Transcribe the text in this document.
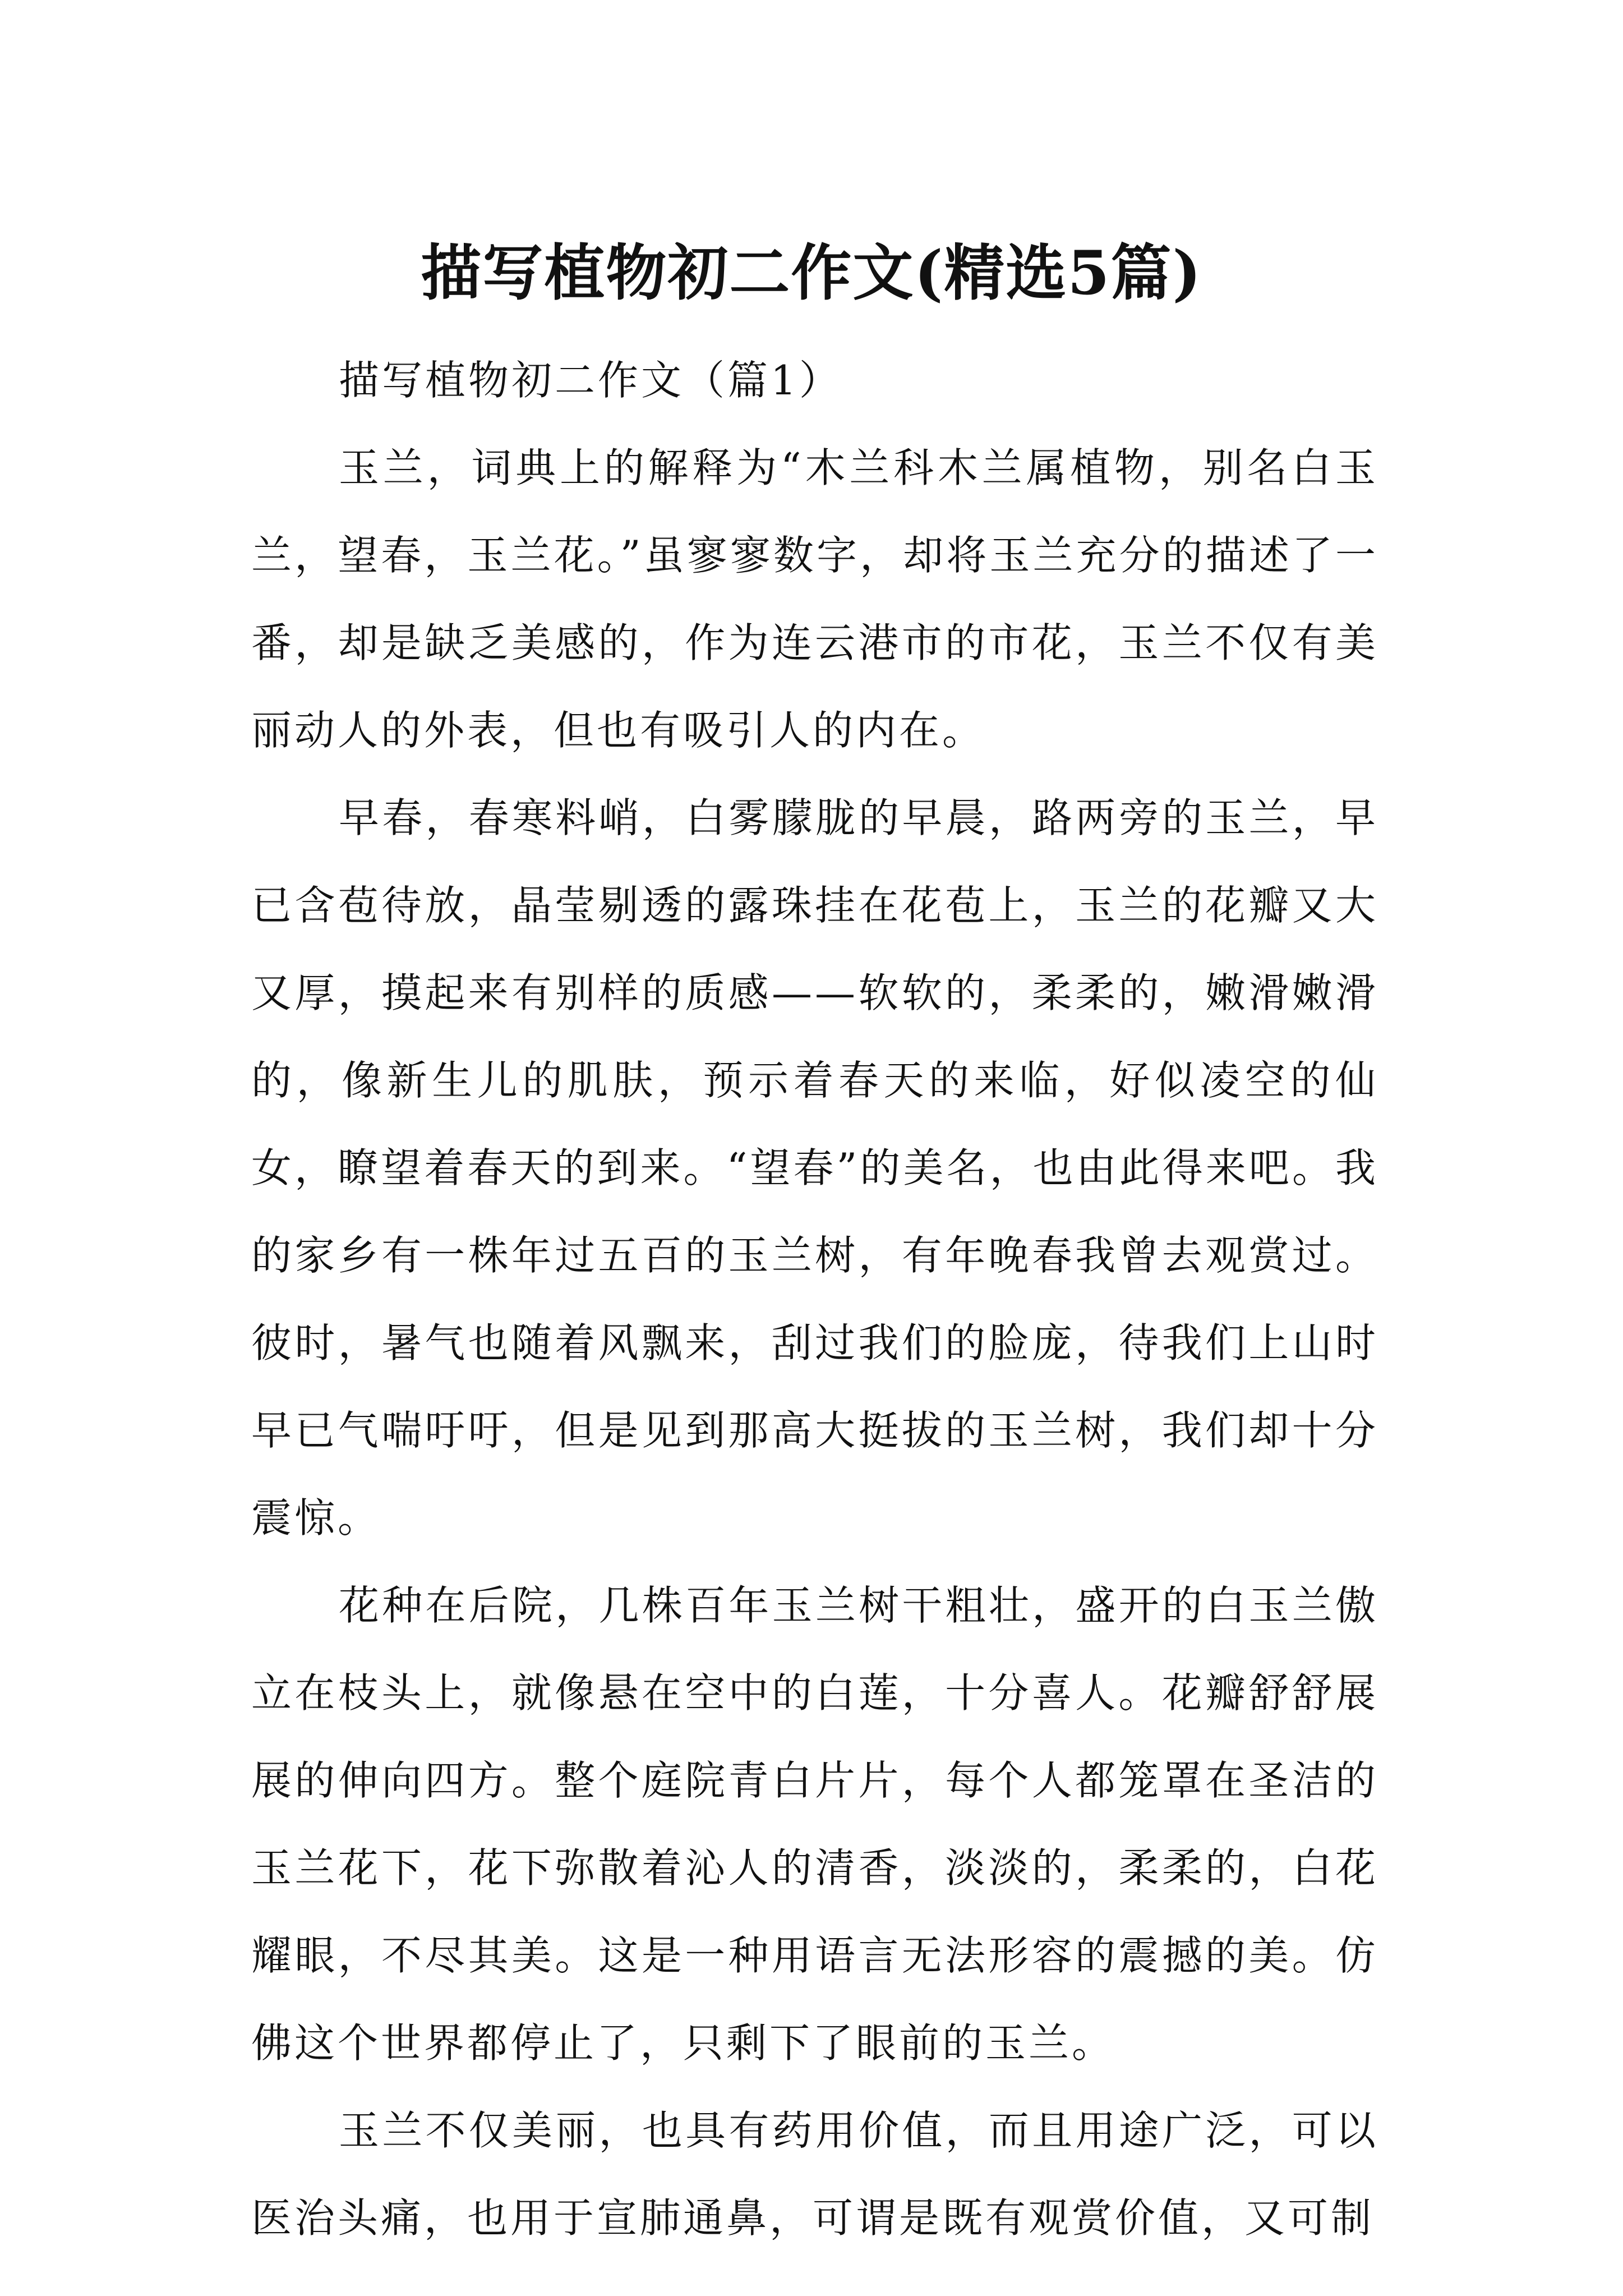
描写植物初二作文(精选5篇)

描写植物初二作文（篇1）

玉兰，词典上的解释为“木兰科木兰属植物，别名白玉兰，望春，玉兰花。”虽寥寥数字，却将玉兰充分的描述了一番，却是缺乏美感的，作为连云港市的市花，玉兰不仅有美丽动人的外表，但也有吸引人的内在。

早春，春寒料峭，白雾朦胧的早晨，路两旁的玉兰，早已含苞待放，晶莹剔透的露珠挂在花苞上，玉兰的花瓣又大又厚，摸起来有别样的质感——软软的，柔柔的，嫩滑嫩滑的，像新生儿的肌肤，预示着春天的来临，好似凌空的仙女，瞭望着春天的到来。“望春”的美名，也由此得来吧。我的家乡有一株年过五百的玉兰树，有年晚春我曾去观赏过。彼时，暑气也随着风飘来，刮过我们的脸庞，待我们上山时早已气喘吁吁，但是见到那高大挺拔的玉兰树，我们却十分震惊。

花种在后院，几株百年玉兰树干粗壮，盛开的白玉兰傲立在枝头上，就像悬在空中的白莲，十分喜人。花瓣舒舒展展的伸向四方。整个庭院青白片片，每个人都笼罩在圣洁的玉兰花下，花下弥散着沁人的清香，淡淡的，柔柔的，白花耀眼，不尽其美。这是一种用语言无法形容的震撼的美。仿佛这个世界都停止了，只剩下了眼前的玉兰。

玉兰不仅美丽，也具有药用价值，而且用途广泛，可以医治头痛，也用于宣肺通鼻，可谓是既有观赏价值，又可制
